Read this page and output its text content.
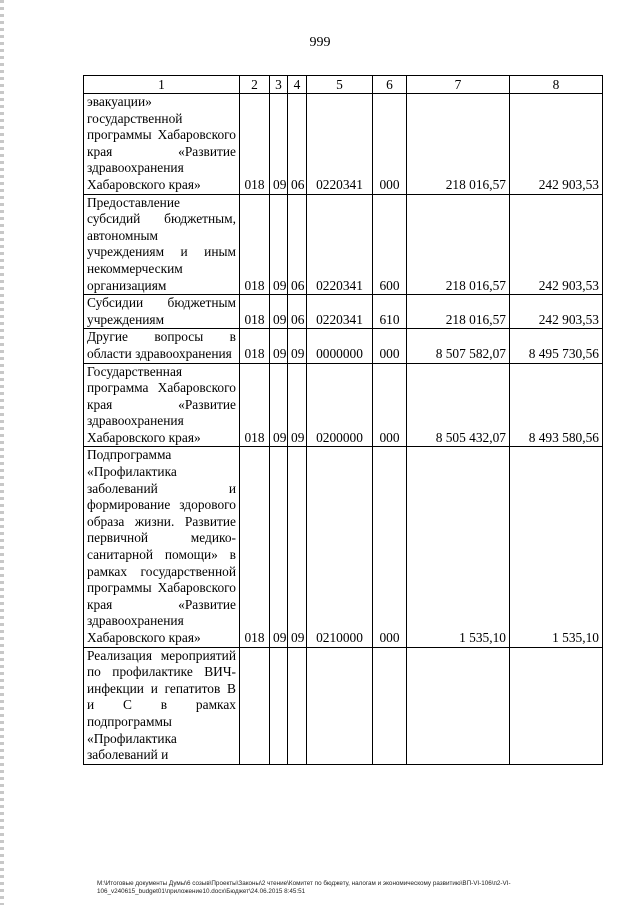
999
1	2	3	4	5	6	7	8
эвакуации» государственной программы Хабаровского края «Развитие здравоохранения Хабаровского края»	018	09	06	0220341	000	218 016,57	242 903,53
Предоставление субсидий бюджетным, автономным учреждениям и иным некоммерческим организациям	018	09	06	0220341	600	218 016,57	242 903,53
Субсидии бюджетным учреждениям	018	09	06	0220341	610	218 016,57	242 903,53
Другие вопросы в области здравоохранения	018	09	09	0000000	000	8 507 582,07	8 495 730,56
Государственная программа Хабаровского края «Развитие здравоохранения Хабаровского края»	018	09	09	0200000	000	8 505 432,07	8 493 580,56
Подпрограмма «Профилактика заболеваний и формирование здорового образа жизни. Развитие первичной медико-санитарной помощи» в рамках государственной программы Хабаровского края «Развитие здравоохранения Хабаровского края»	018	09	09	0210000	000	1 535,10	1 535,10
Реализация мероприятий по профилактике ВИЧ-инфекции и гепатитов В и С в рамках подпрограммы «Профилактика заболеваний и							
M:\Итоговые документы Думы\6 созыв\Проекты\Законы\2 чтение\Комитет по бюджету, налогам и экономическому развитию\ВП-VI-106\п2-VI-106_v240615_budget01\приложение10.docx\Бюджет\24.06.2015 8:45:51
